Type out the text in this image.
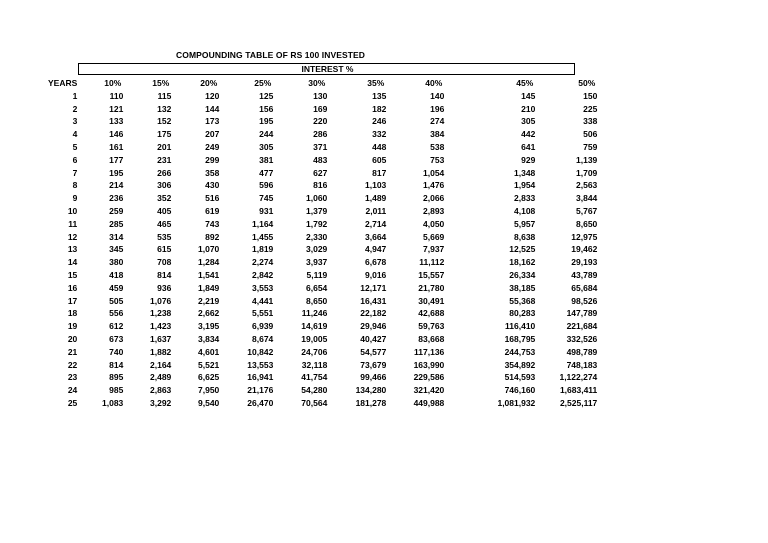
COMPOUNDING TABLE OF RS 100 INVESTED
INTEREST %
YEARS	10%	15%	20%	25%	30%	35%	40%	45%	50%
1	110	115	120	125	130	135	140	145	150
2	121	132	144	156	169	182	196	210	225
3	133	152	173	195	220	246	274	305	338
4	146	175	207	244	286	332	384	442	506
5	161	201	249	305	371	448	538	641	759
6	177	231	299	381	483	605	753	929	1,139
7	195	266	358	477	627	817	1,054	1,348	1,709
8	214	306	430	596	816	1,103	1,476	1,954	2,563
9	236	352	516	745	1,060	1,489	2,066	2,833	3,844
10	259	405	619	931	1,379	2,011	2,893	4,108	5,767
11	285	465	743	1,164	1,792	2,714	4,050	5,957	8,650
12	314	535	892	1,455	2,330	3,664	5,669	8,638	12,975
13	345	615	1,070	1,819	3,029	4,947	7,937	12,525	19,462
14	380	708	1,284	2,274	3,937	6,678	11,112	18,162	29,193
15	418	814	1,541	2,842	5,119	9,016	15,557	26,334	43,789
16	459	936	1,849	3,553	6,654	12,171	21,780	38,185	65,684
17	505	1,076	2,219	4,441	8,650	16,431	30,491	55,368	98,526
18	556	1,238	2,662	5,551	11,246	22,182	42,688	80,283	147,789
19	612	1,423	3,195	6,939	14,619	29,946	59,763	116,410	221,684
20	673	1,637	3,834	8,674	19,005	40,427	83,668	168,795	332,526
21	740	1,882	4,601	10,842	24,706	54,577	117,136	244,753	498,789
22	814	2,164	5,521	13,553	32,118	73,679	163,990	354,892	748,183
23	895	2,489	6,625	16,941	41,754	99,466	229,586	514,593	1,122,274
24	985	2,863	7,950	21,176	54,280	134,280	321,420	746,160	1,683,411
25	1,083	3,292	9,540	26,470	70,564	181,278	449,988	1,081,932	2,525,117
